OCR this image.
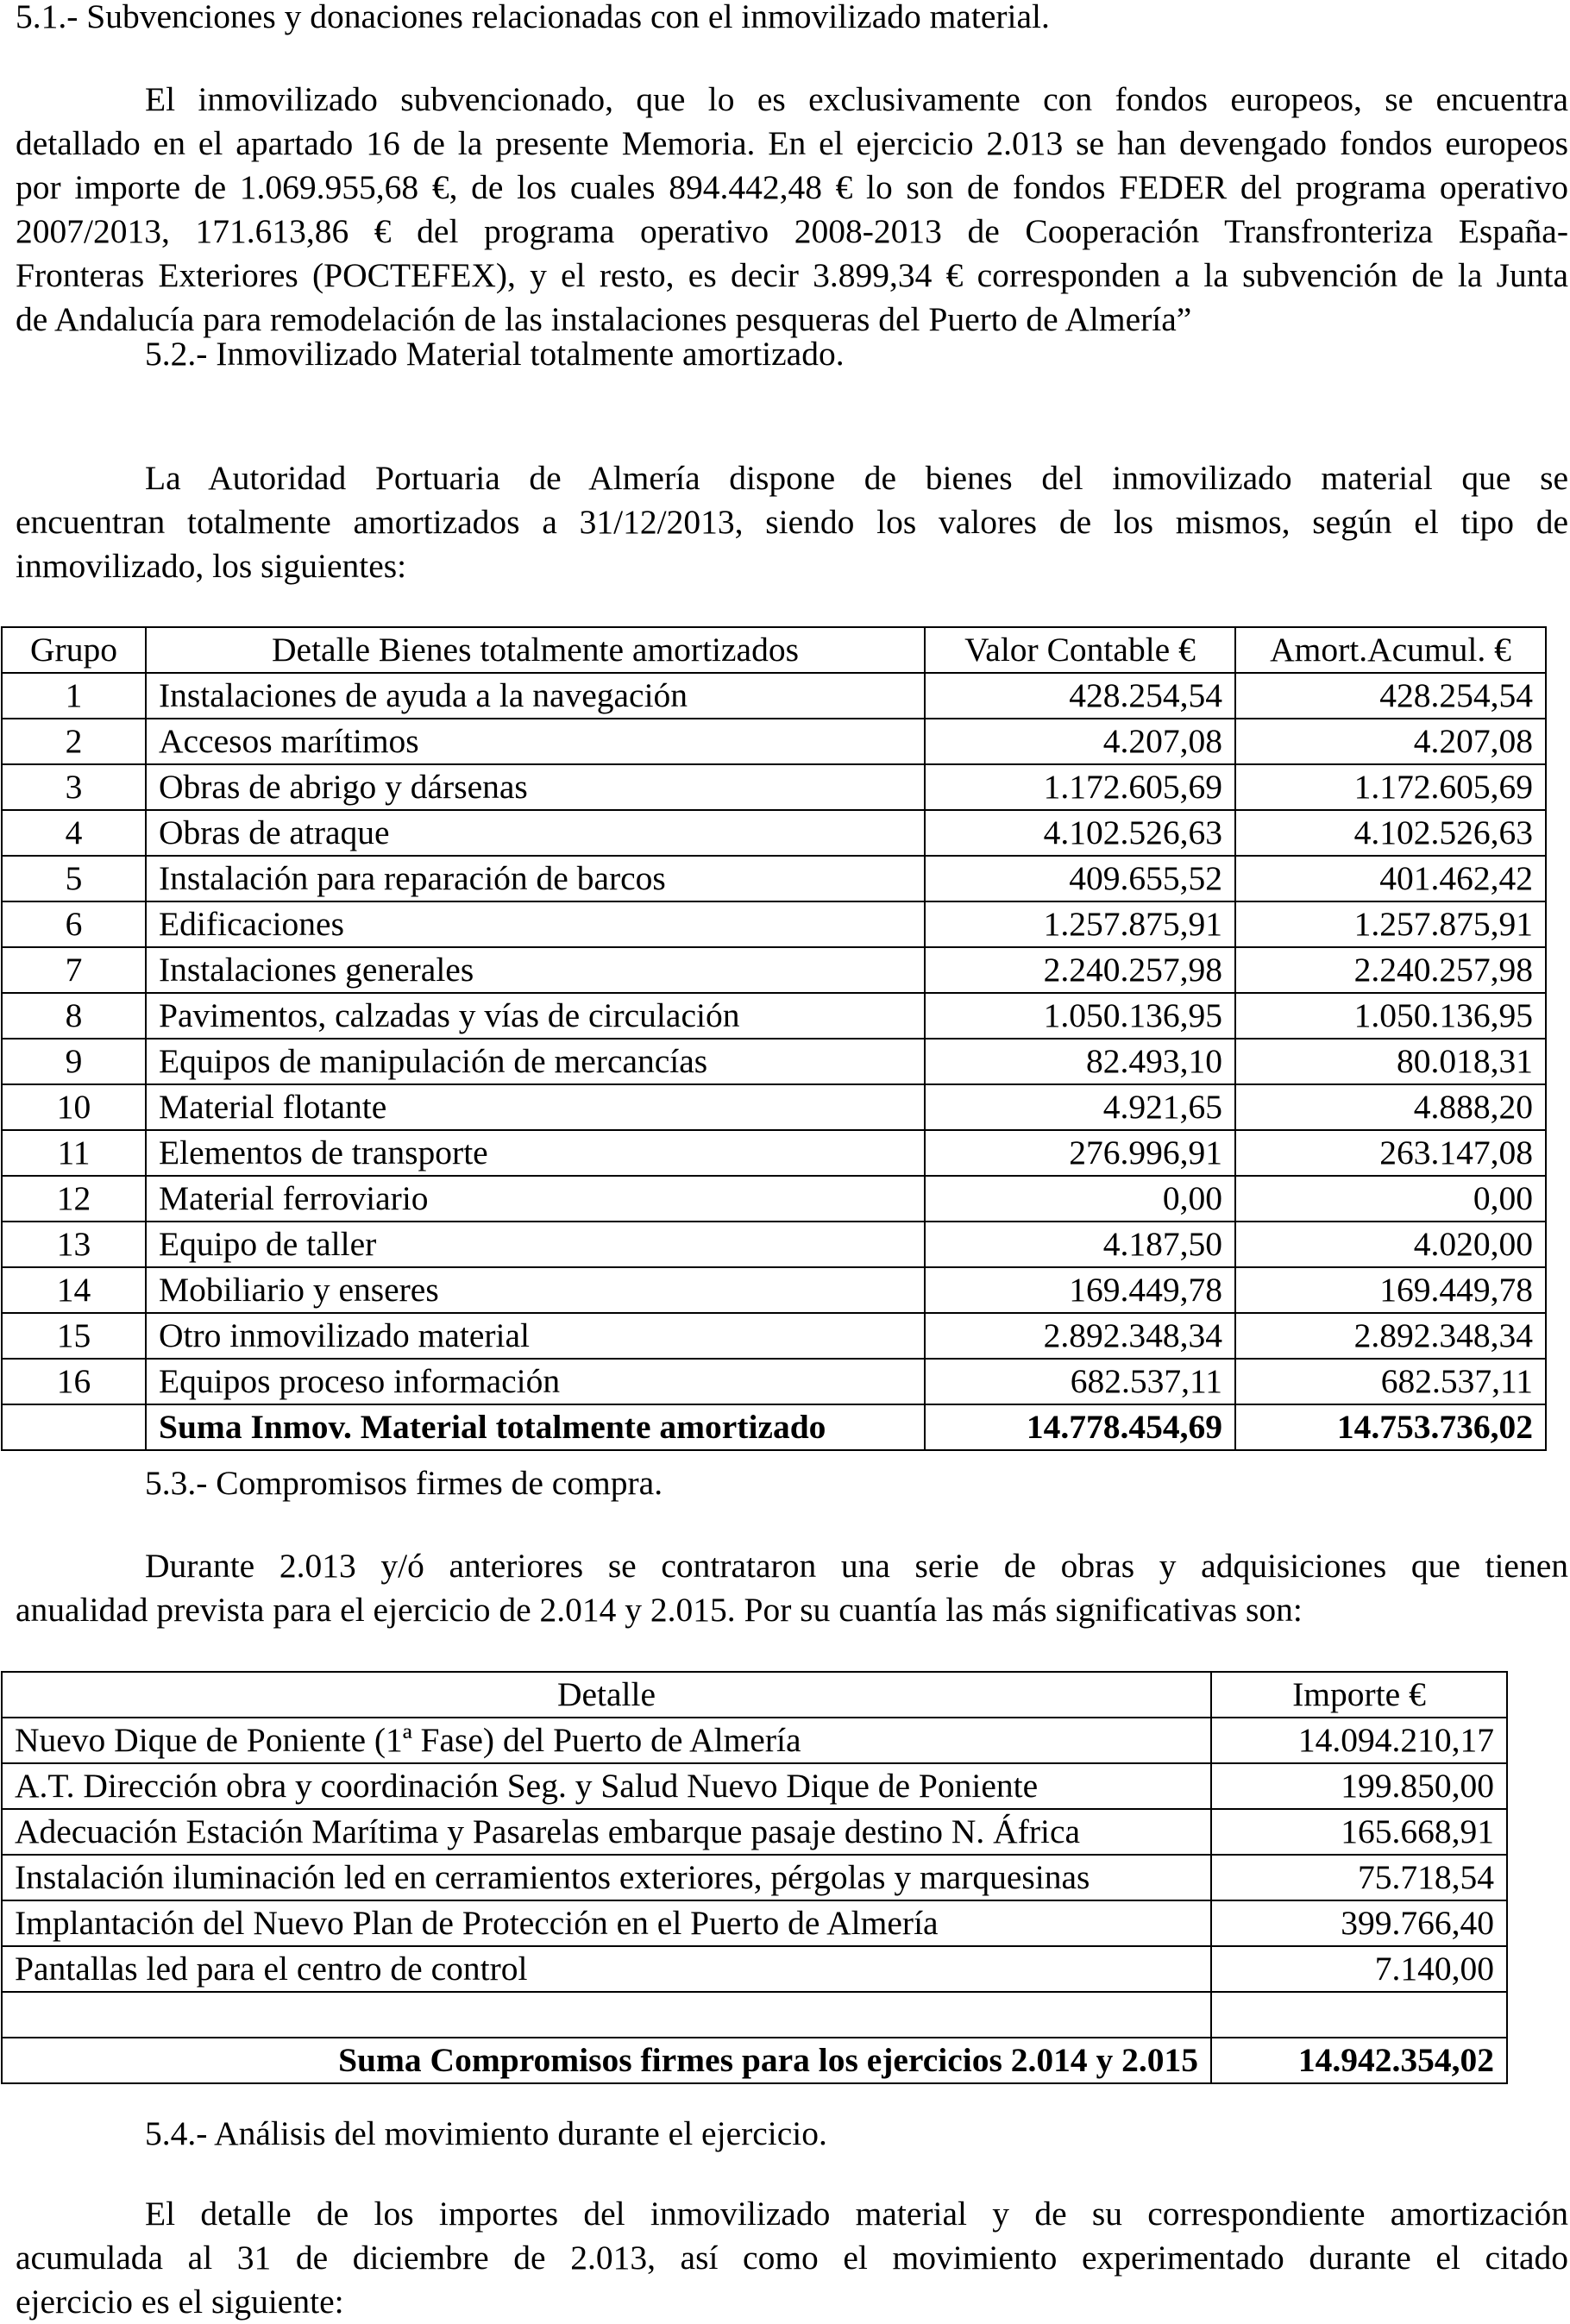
5.1.- Subvenciones y donaciones relacionadas con el inmovilizado material.

El inmovilizado subvencionado, que lo es exclusivamente con fondos europeos, se encuentra
detallado en el apartado 16 de la presente Memoria. En el ejercicio 2.013 se han devengado fondos europeos
por importe de 1.069.955,68 €, de los cuales 894.442,48 € lo son de fondos FEDER del programa operativo
2007/2013, 171.613,86 € del programa operativo 2008-2013 de Cooperación Transfronteriza España-
Fronteras Exteriores (POCTEFEX), y el resto, es decir 3.899,34 € corresponden a la subvención de la Junta
de Andalucía para remodelación de las instalaciones pesqueras del Puerto de Almería”

5.2.- Inmovilizado Material totalmente amortizado.

La Autoridad Portuaria de Almería dispone de bienes del inmovilizado material que se
encuentran totalmente amortizados a 31/12/2013, siendo los valores de los mismos, según el tipo de
inmovilizado, los siguientes:
Grupo	Detalle Bienes totalmente amortizados	Valor Contable €	Amort.Acumul. €
1	Instalaciones de ayuda a la navegación	428.254,54	428.254,54
2	Accesos marítimos	4.207,08	4.207,08
3	Obras de abrigo y dársenas	1.172.605,69	1.172.605,69
4	Obras de atraque	4.102.526,63	4.102.526,63
5	Instalación para reparación de barcos	409.655,52	401.462,42
6	Edificaciones	1.257.875,91	1.257.875,91
7	Instalaciones generales	2.240.257,98	2.240.257,98
8	Pavimentos, calzadas y vías de circulación	1.050.136,95	1.050.136,95
9	Equipos de manipulación de mercancías	82.493,10	80.018,31
10	Material flotante	4.921,65	4.888,20
11	Elementos de transporte	276.996,91	263.147,08
12	Material ferroviario	0,00	0,00
13	Equipo de taller	4.187,50	4.020,00
14	Mobiliario y enseres	169.449,78	169.449,78
15	Otro inmovilizado material	2.892.348,34	2.892.348,34
16	Equipos proceso información	682.537,11	682.537,11
	Suma Inmov. Material totalmente amortizado	14.778.454,69	14.753.736,02

5.3.- Compromisos firmes de compra.

Durante 2.013 y/ó anteriores se contrataron una serie de obras y adquisiciones que tienen
anualidad prevista para el ejercicio de 2.014 y 2.015. Por su cuantía las más significativas son:
Detalle	Importe €
Nuevo Dique de Poniente (1ª Fase) del Puerto de Almería	14.094.210,17
A.T. Dirección obra y coordinación Seg. y Salud Nuevo Dique de Poniente	199.850,00
Adecuación Estación Marítima y Pasarelas embarque pasaje destino N. África	165.668,91
Instalación iluminación led en cerramientos exteriores, pérgolas y marquesinas	75.718,54
Implantación del Nuevo Plan de Protección en el Puerto de Almería	399.766,40
Pantallas led para el centro de control	7.140,00

Suma Compromisos firmes para los ejercicios 2.014 y 2.015	14.942.354,02

5.4.- Análisis del movimiento durante el ejercicio.

El detalle de los importes del inmovilizado material y de su correspondiente amortización
acumulada al 31 de diciembre de 2.013, así como el movimiento experimentado durante el citado
ejercicio es el siguiente:
